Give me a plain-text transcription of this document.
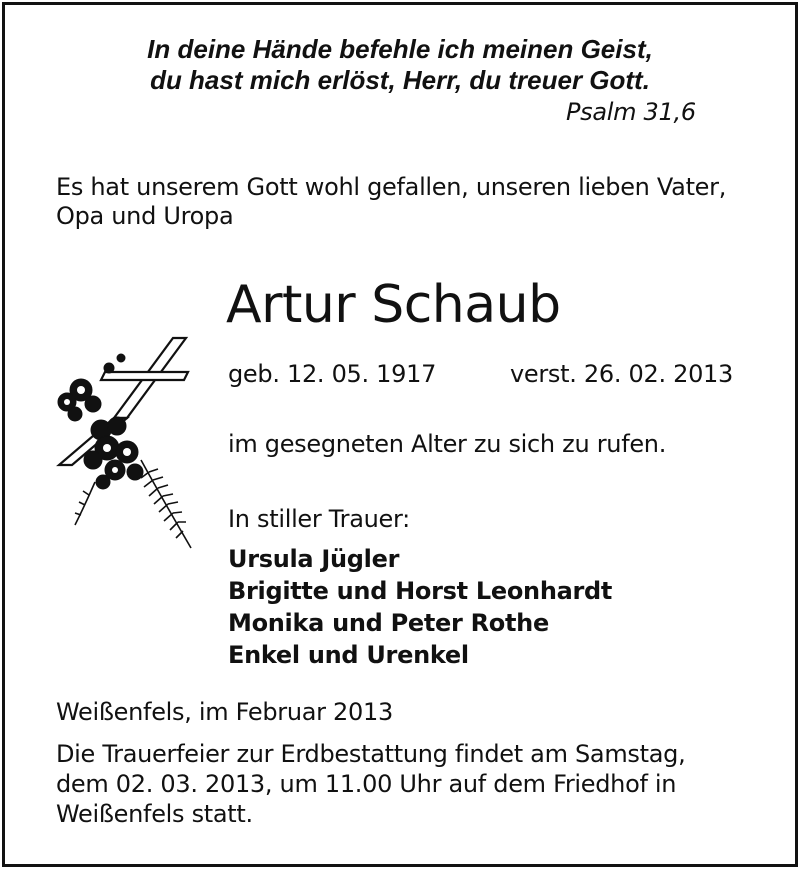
In deine Hände befehle ich meinen Geist,
du hast mich erlöst, Herr, du treuer Gott.
Psalm 31,6
Es hat unserem Gott wohl gefallen, unseren lieben Vater,
Opa und Uropa
Artur Schaub
geb. 12. 05. 1917	verst. 26. 02. 2013
im gesegneten Alter zu sich zu rufen.
In stiller Trauer:
Ursula Jügler
Brigitte und Horst Leonhardt
Monika und Peter Rothe
Enkel und Urenkel
Weißenfels, im Februar 2013
Die Trauerfeier zur Erdbestattung findet am Samstag,
dem 02. 03. 2013, um 11.00 Uhr auf dem Friedhof in
Weißenfels statt.
